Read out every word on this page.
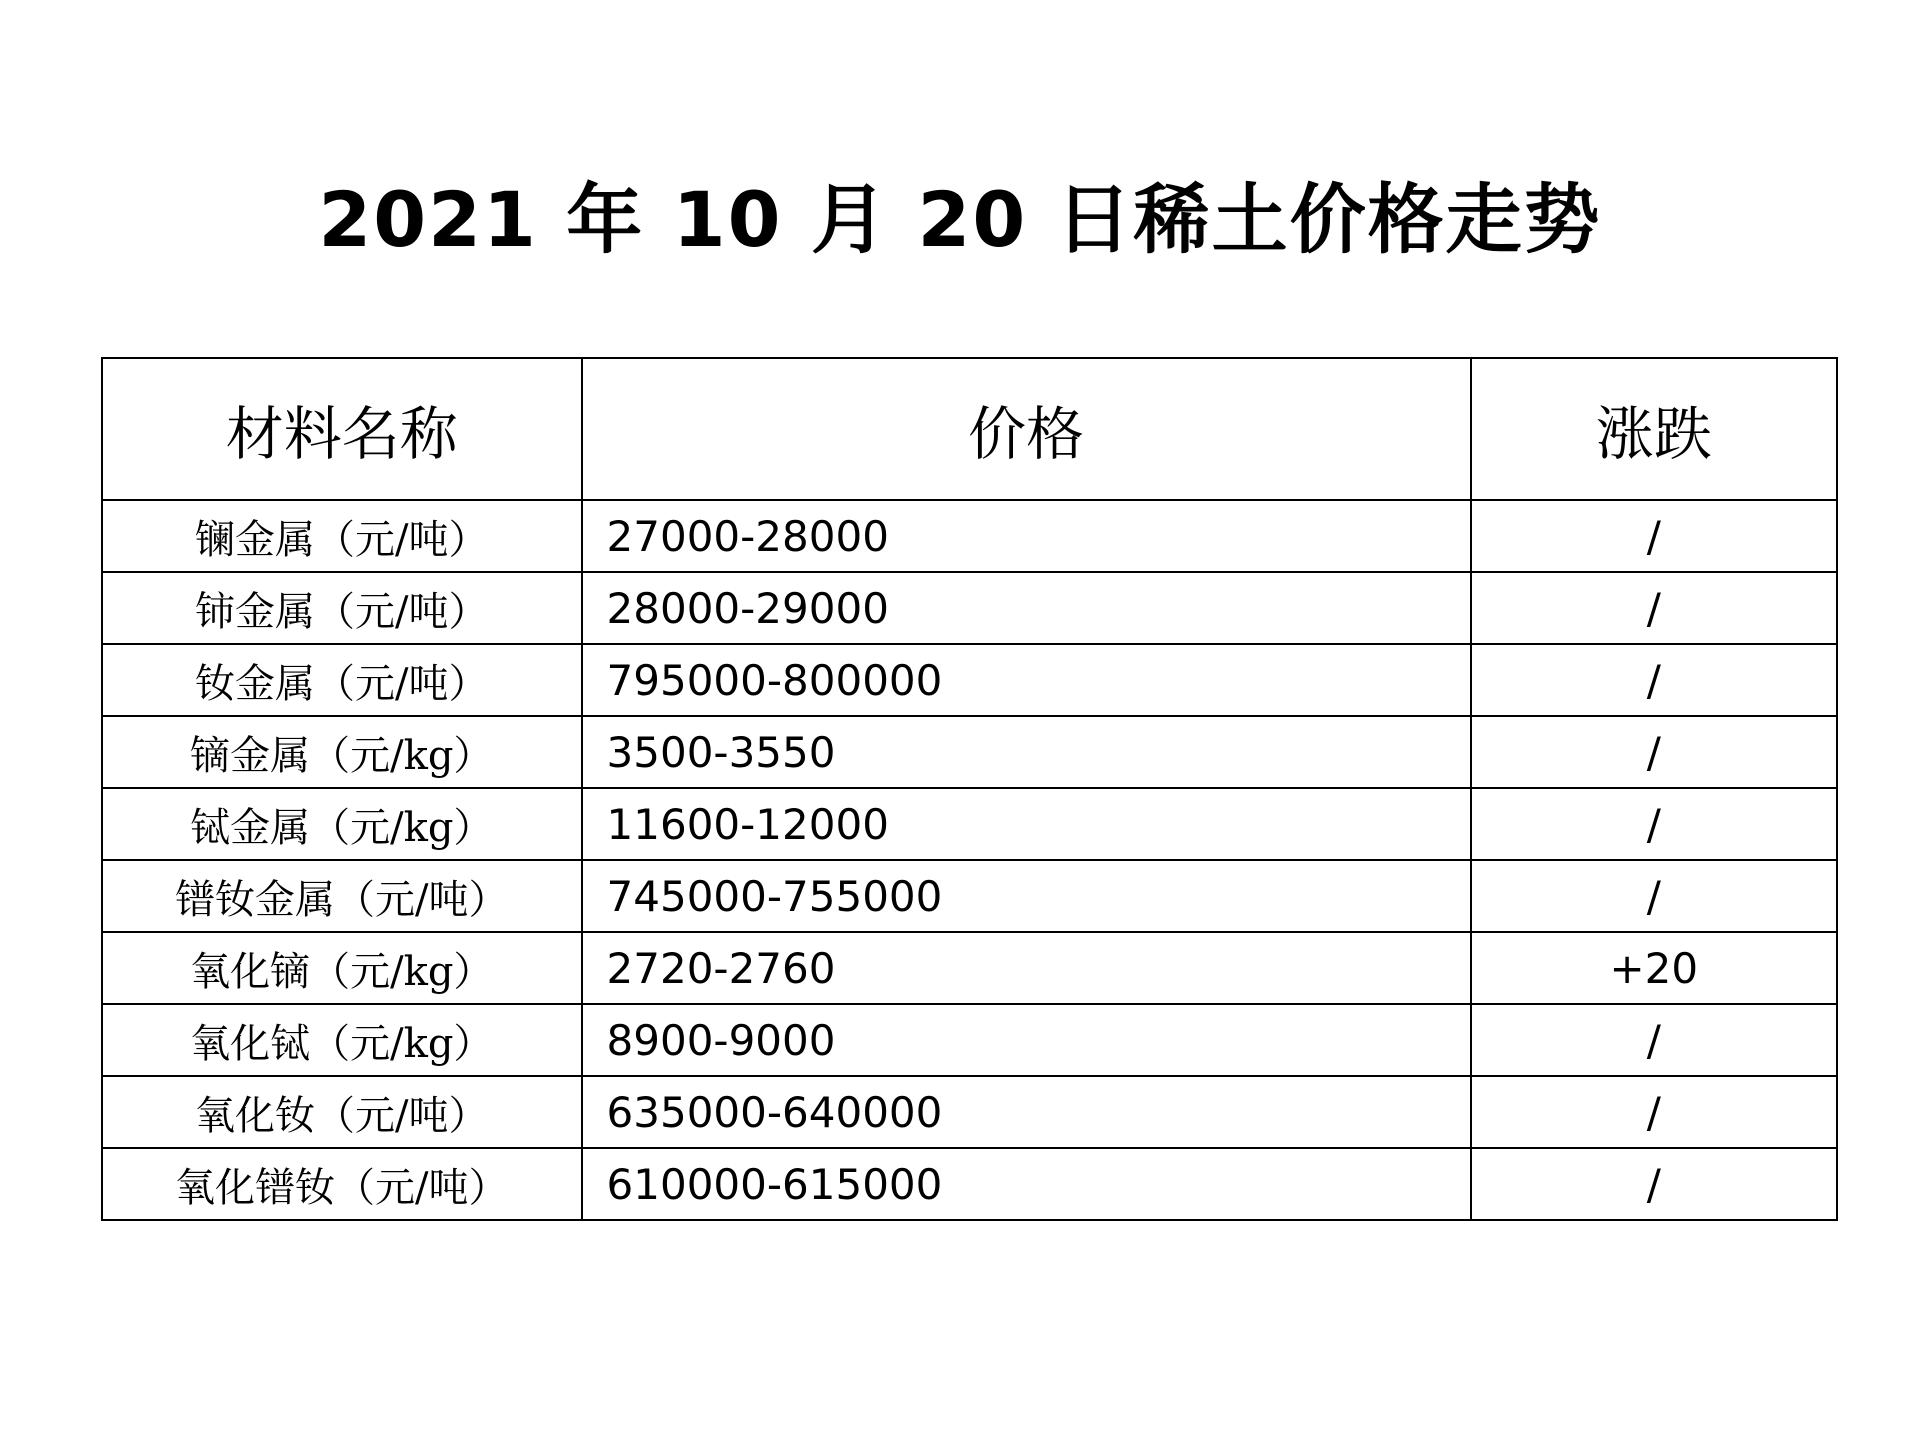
2021 年 10 月 20 日稀土价格走势
材料名称	价格	涨跌
镧金属（元/吨）	27000-28000	/
铈金属（元/吨）	28000-29000	/
钕金属（元/吨）	795000-800000	/
镝金属（元/kg）	3500-3550	/
铽金属（元/kg）	11600-12000	/
镨钕金属（元/吨）	745000-755000	/
氧化镝（元/kg）	2720-2760	+20
氧化铽（元/kg）	8900-9000	/
氧化钕（元/吨）	635000-640000	/
氧化镨钕（元/吨）	610000-615000	/
